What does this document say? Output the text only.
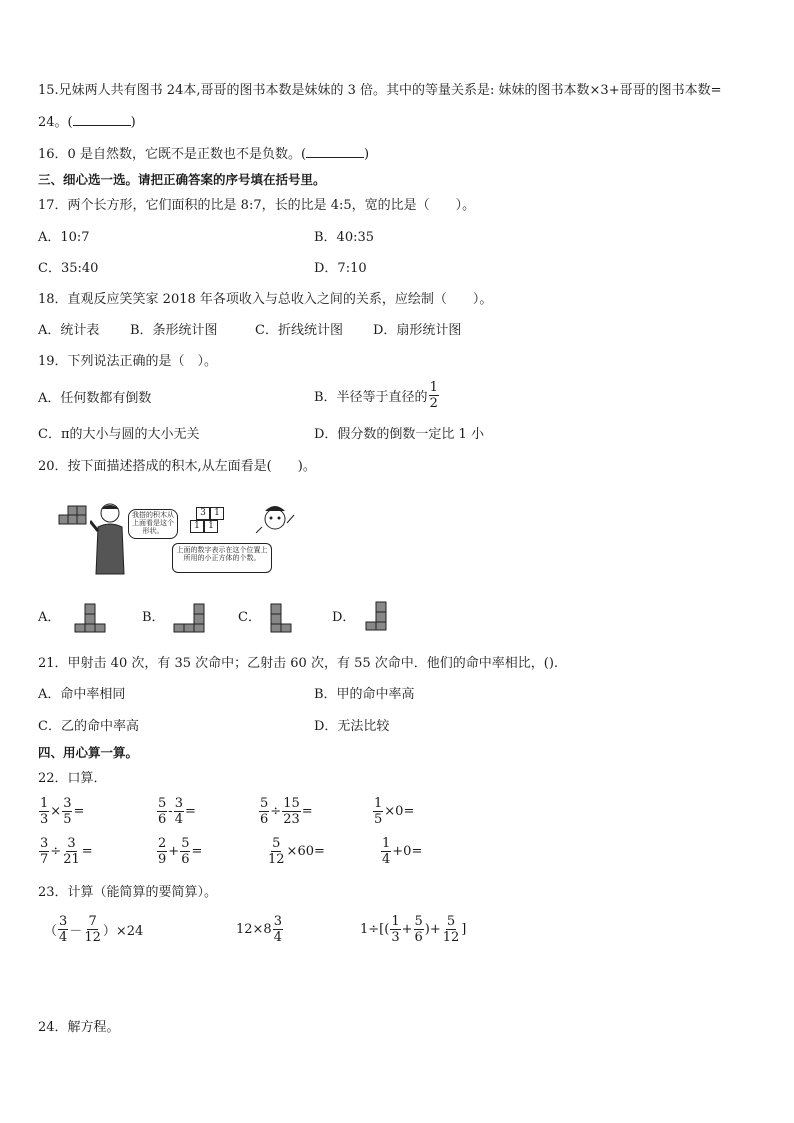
15.兄妹两人共有图书 24本,哥哥的图书本数是妹妹的 3 倍。其中的等量关系是: 妹妹的图书本数×3+哥哥的图书本数=
24。(	)
16．0 是自然数，它既不是正数也不是负数。(	)
三、细心选一选。请把正确答案的序号填在括号里。
17．两个长方形，它们面积的比是 8:7，长的比是 4:5，宽的比是（　　）。
A．10:7	B．40:35
C．35:40	D．7:10
18．直观反应笑笑家 2018 年各项收入与总收入之间的关系，应绘制（　　）。
A．统计表 B．条形统计图	C．折线统计图 D．扇形统计图
19．下列说法正确的是（　）。
A．任何数都有倒数	B．半径等于直径的 $\frac{1}{2}$
C．π的大小与圆的大小无关	D．假分数的倒数一定比 1 小
20．按下面描述搭成的积木,从左面看是(　　)。
我搭的积木从上面看是这个形状。
3 1
1 1
上面的数字表示在这个位置上所用的小正方体的个数。
A．	B．	C．	D．
21．甲射击 40 次，有 35 次命中；乙射击 60 次，有 55 次命中．他们的命中率相比，().
A．命中率相同	B．甲的命中率高
C．乙的命中率高	D．无法比较
四、用心算一算。
22．口算．
$\frac{1}{3} \times \frac{3}{5}$ =	$\frac{5}{6} - \frac{3}{4}$ =	$\frac{5}{6} \div \frac{15}{23}$ =	$\frac{1}{5} \times 0=$
$\frac{3}{7} \div \frac{3}{21}$ =	$\frac{2}{9} + \frac{5}{6}$ =	$\frac{5}{12} \times 60=$	$\frac{1}{4} +0=$
23．计算（能简算的要简算）。
（ $\frac{3}{4} - \frac{7}{12} )\times 24$	$12\times 8 \frac{3}{4}$	$1\div[( \frac{1}{3} + \frac{5}{6}$ )+ $\frac{5}{12}$ ]
24．解方程。
